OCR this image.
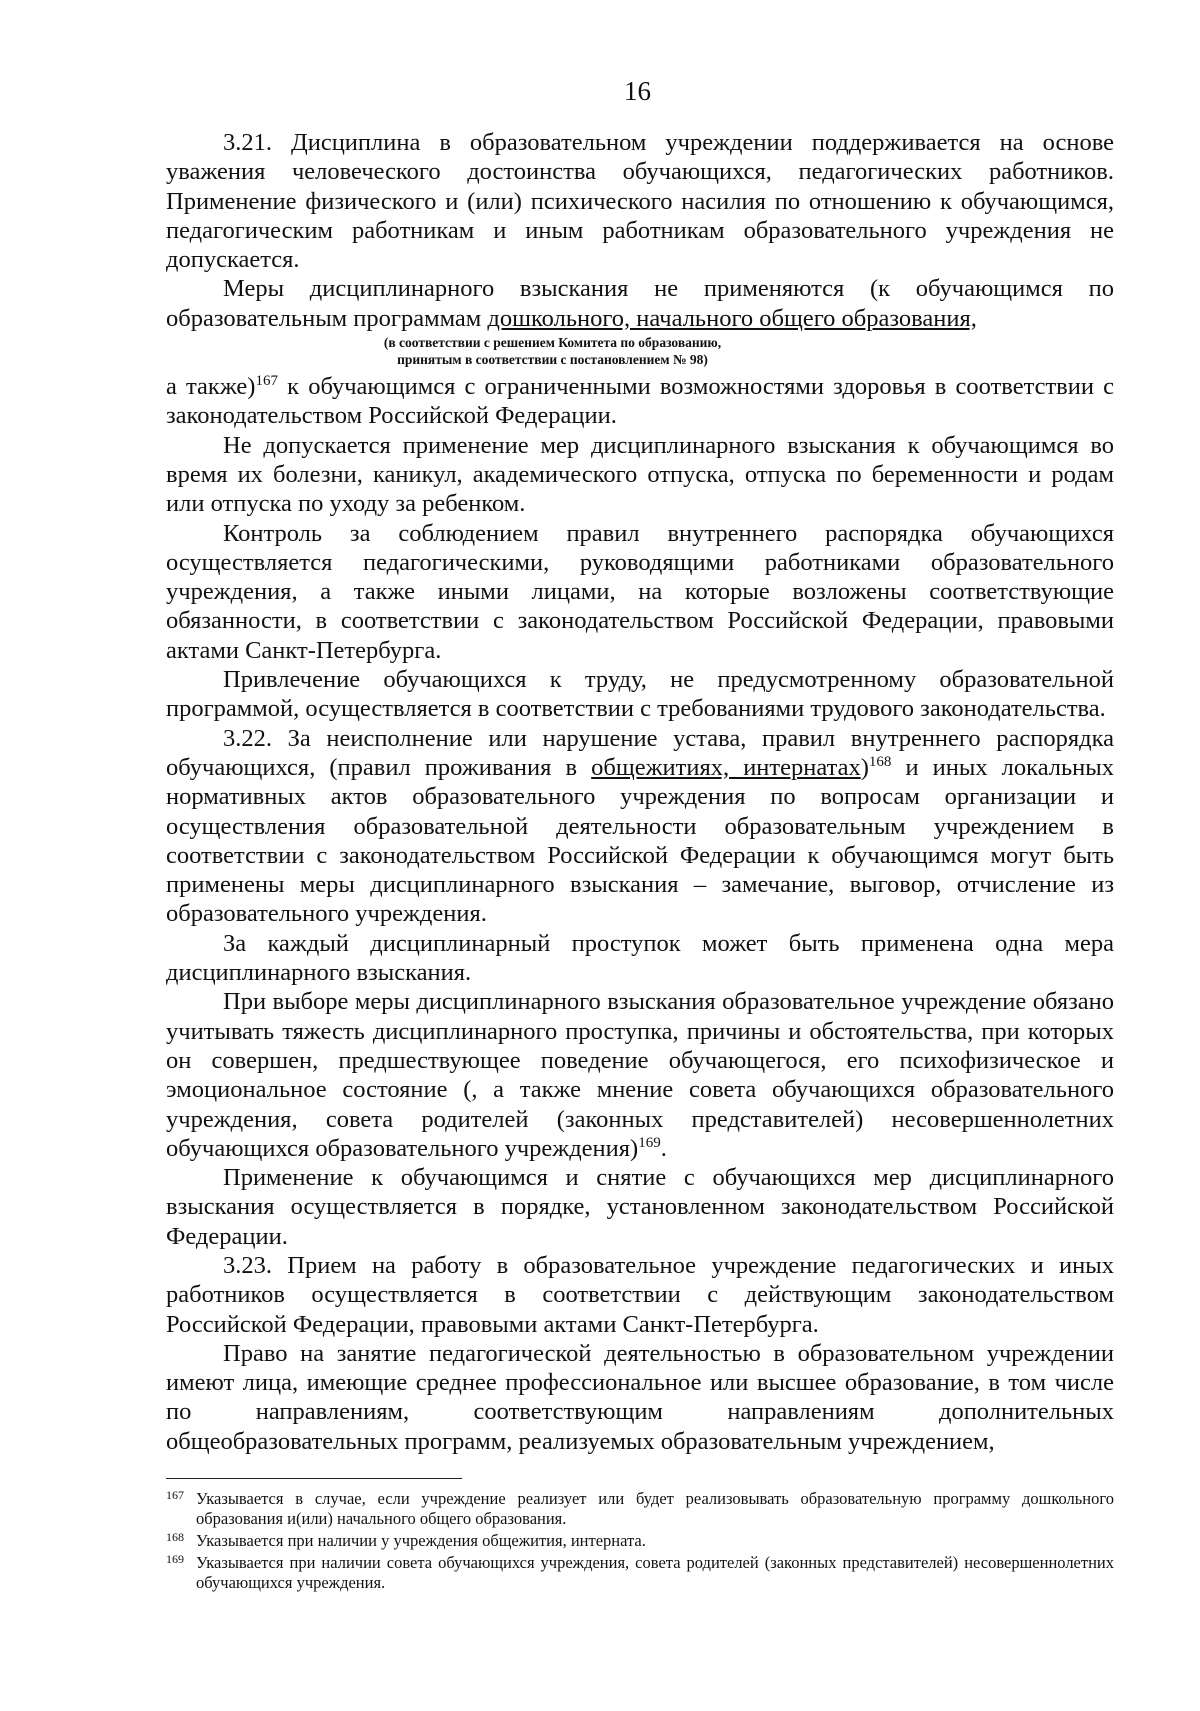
16

3.21. Дисциплина в образовательном учреждении поддерживается на основе уважения человеческого достоинства обучающихся, педагогических работников. Применение физического и (или) психического насилия по отношению к обучающимся, педагогическим работникам и иным работникам образовательного учреждения не допускается.

Меры дисциплинарного взыскания не применяются (к обучающимся по образовательным программам дошкольного, начального общего образования,

(в соответствии с решением Комитета по образованию,
принятым в соответствии с постановлением № 98)

а также)$^{167}$ к обучающимся с ограниченными возможностями здоровья в соответствии с законодательством Российской Федерации.

Не допускается применение мер дисциплинарного взыскания к обучающимся во время их болезни, каникул, академического отпуска, отпуска по беременности и родам или отпуска по уходу за ребенком.

Контроль за соблюдением правил внутреннего распорядка обучающихся осуществляется педагогическими, руководящими работниками образовательного учреждения, а также иными лицами, на которые возложены соответствующие обязанности, в соответствии с законодательством Российской Федерации, правовыми актами Санкт-Петербурга.

Привлечение обучающихся к труду, не предусмотренному образовательной программой, осуществляется в соответствии с требованиями трудового законодательства.

3.22. За неисполнение или нарушение устава, правил внутреннего распорядка обучающихся, (правил проживания в общежитиях, интернатах)$^{168}$ и иных локальных нормативных актов образовательного учреждения по вопросам организации и осуществления образовательной деятельности образовательным учреждением в соответствии с законодательством Российской Федерации к обучающимся могут быть применены меры дисциплинарного взыскания – замечание, выговор, отчисление из образовательного учреждения.

За каждый дисциплинарный проступок может быть применена одна мера дисциплинарного взыскания.

При выборе меры дисциплинарного взыскания образовательное учреждение обязано учитывать тяжесть дисциплинарного проступка, причины и обстоятельства, при которых он совершен, предшествующее поведение обучающегося, его психофизическое и эмоциональное состояние (, а также мнение совета обучающихся образовательного учреждения, совета родителей (законных представителей) несовершеннолетних обучающихся образовательного учреждения)$^{169}$.

Применение к обучающимся и снятие с обучающихся мер дисциплинарного взыскания осуществляется в порядке, установленном законодательством Российской Федерации.

3.23. Прием на работу в образовательное учреждение педагогических и иных работников осуществляется в соответствии с действующим законодательством Российской Федерации, правовыми актами Санкт-Петербурга.

Право на занятие педагогической деятельностью в образовательном учреждении имеют лица, имеющие среднее профессиональное или высшее образование, в том числе по направлениям, соответствующим направлениям дополнительных общеобразовательных программ, реализуемых образовательным учреждением,

167 Указывается в случае, если учреждение реализует или будет реализовывать образовательную программу дошкольного образования и(или) начального общего образования.

168 Указывается при наличии у учреждения общежития, интерната.

169 Указывается при наличии совета обучающихся учреждения, совета родителей (законных представителей) несовершеннолетних обучающихся учреждения.
